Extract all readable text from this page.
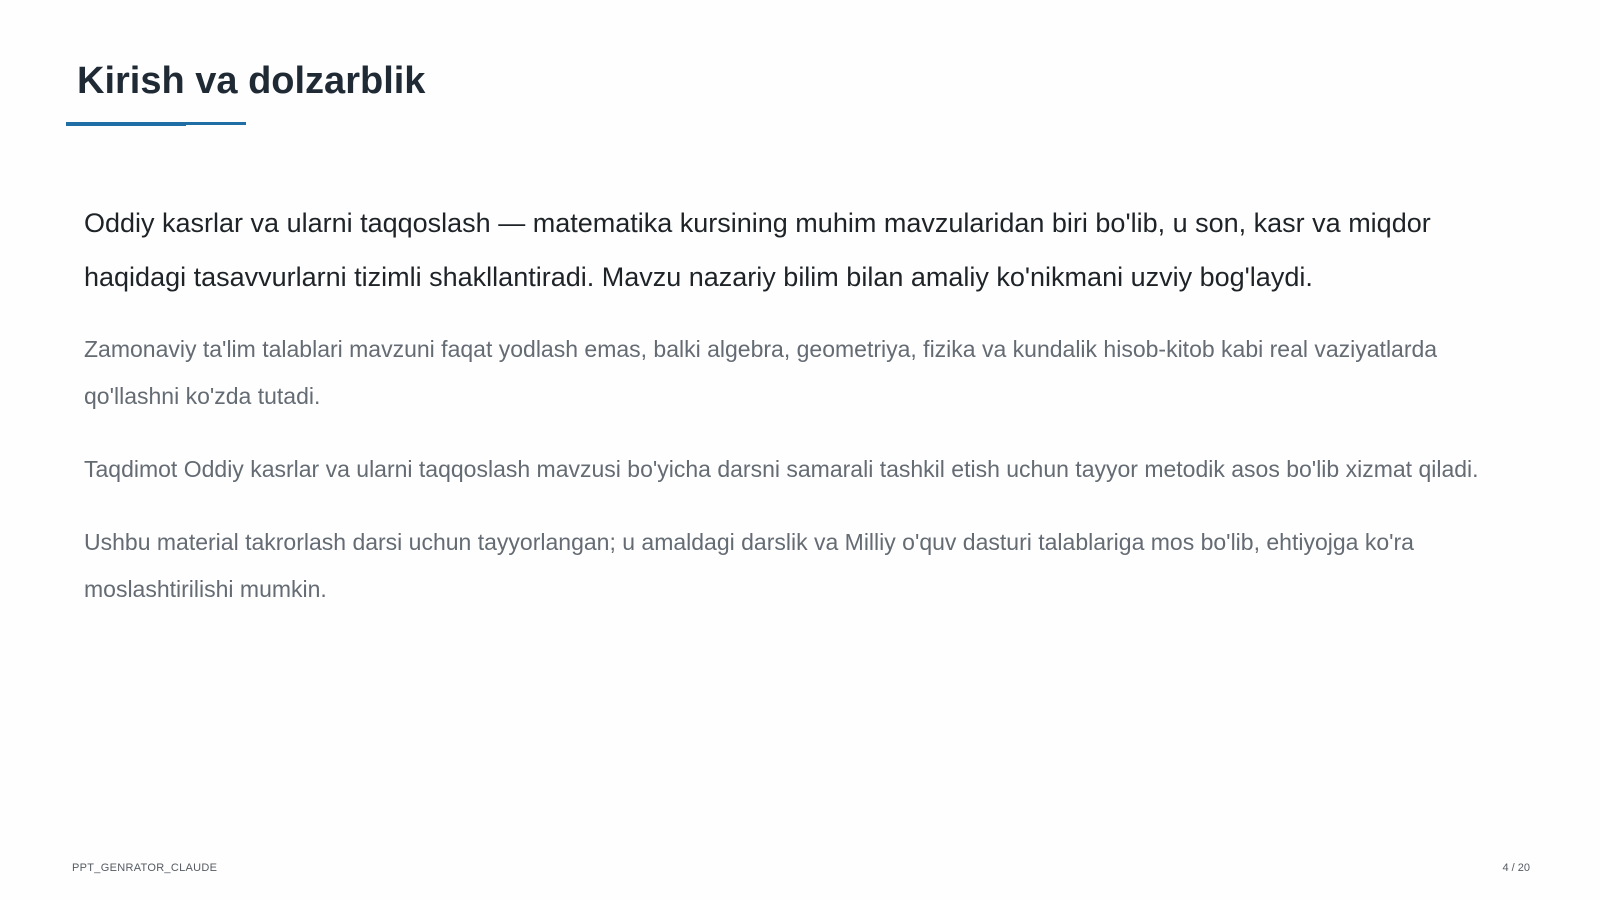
Kirish va dolzarblik

Oddiy kasrlar va ularni taqqoslash — matematika kursining muhim mavzularidan biri bo'lib, u son, kasr va miqdor haqidagi tasavvurlarni tizimli shakllantiradi. Mavzu nazariy bilim bilan amaliy ko'nikmani uzviy bog'laydi.

Zamonaviy ta'lim talablari mavzuni faqat yodlash emas, balki algebra, geometriya, fizika va kundalik hisob-kitob kabi real vaziyatlarda qo'llashni ko'zda tutadi.

Taqdimot Oddiy kasrlar va ularni taqqoslash mavzusi bo'yicha darsni samarali tashkil etish uchun tayyor metodik asos bo'lib xizmat qiladi.

Ushbu material takrorlash darsi uchun tayyorlangan; u amaldagi darslik va Milliy o'quv dasturi talablariga mos bo'lib, ehtiyojga ko'ra moslashtirilishi mumkin.

PPT_GENRATOR_CLAUDE	4 / 20
